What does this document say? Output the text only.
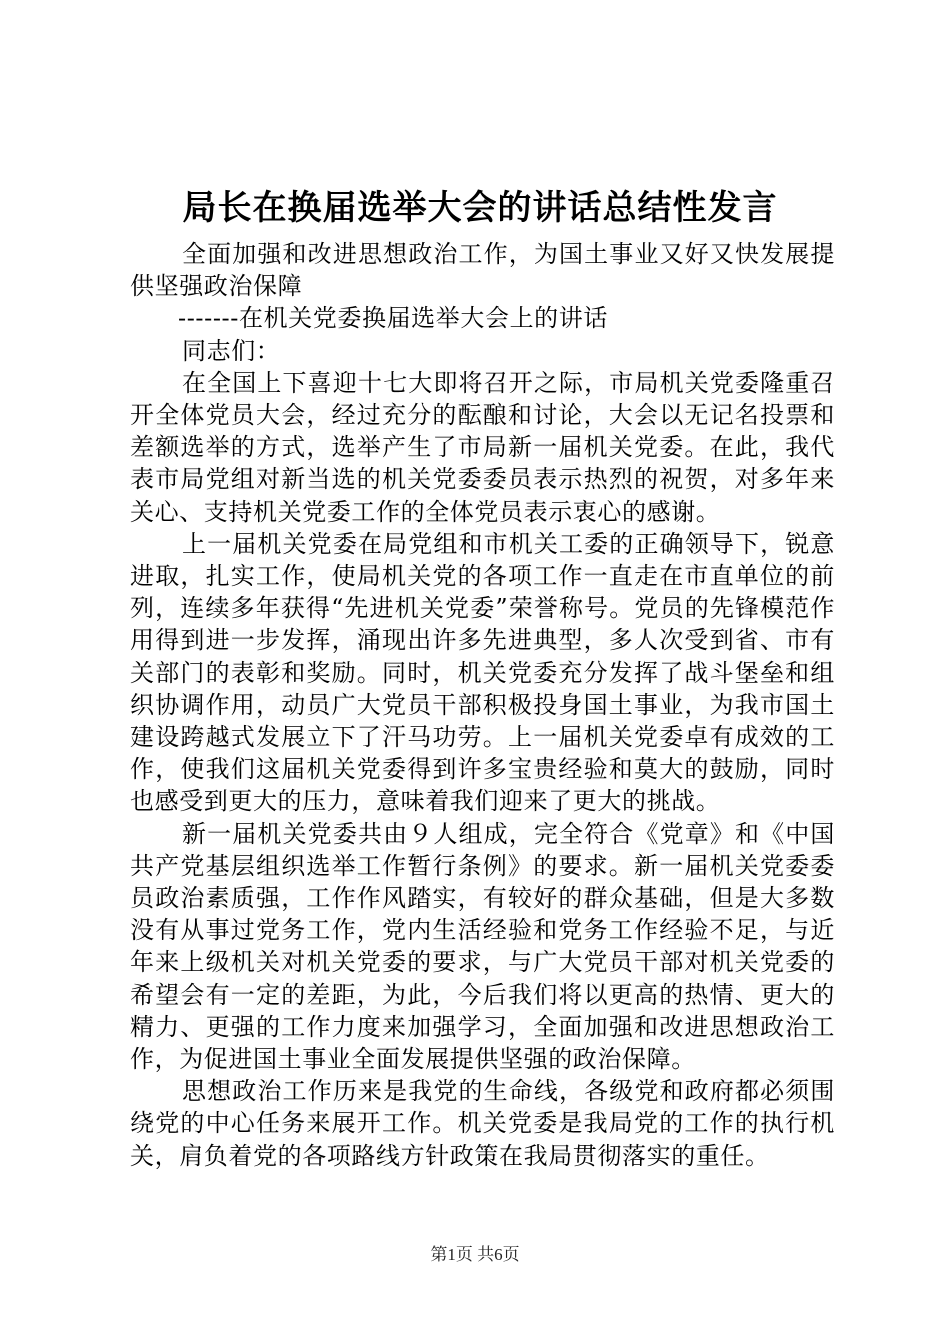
局长在换届选举大会的讲话总结性发言

全面加强和改进思想政治工作，为国土事业又好又快发展提供坚强政治保障

-------在机关党委换届选举大会上的讲话

同志们：

在全国上下喜迎十七大即将召开之际，市局机关党委隆重召开全体党员大会，经过充分的酝酿和讨论，大会以无记名投票和差额选举的方式，选举产生了市局新一届机关党委。在此，我代表市局党组对新当选的机关党委委员表示热烈的祝贺，对多年来关心、支持机关党委工作的全体党员表示衷心的感谢。

上一届机关党委在局党组和市机关工委的正确领导下，锐意进取，扎实工作，使局机关党的各项工作一直走在市直单位的前列，连续多年获得“先进机关党委”荣誉称号。党员的先锋模范作用得到进一步发挥，涌现出许多先进典型，多人次受到省、市有关部门的表彰和奖励。同时，机关党委充分发挥了战斗堡垒和组织协调作用，动员广大党员干部积极投身国土事业，为我市国土建设跨越式发展立下了汗马功劳。上一届机关党委卓有成效的工作，使我们这届机关党委得到许多宝贵经验和莫大的鼓励，同时也感受到更大的压力，意味着我们迎来了更大的挑战。

新一届机关党委共由９人组成，完全符合《党章》和《中国共产党基层组织选举工作暂行条例》的要求。新一届机关党委委员政治素质强，工作作风踏实，有较好的群众基础，但是大多数没有从事过党务工作，党内生活经验和党务工作经验不足，与近年来上级机关对机关党委的要求，与广大党员干部对机关党委的希望会有一定的差距，为此，今后我们将以更高的热情、更大的精力、更强的工作力度来加强学习，全面加强和改进思想政治工作，为促进国土事业全面发展提供坚强的政治保障。

思想政治工作历来是我党的生命线，各级党和政府都必须围绕党的中心任务来展开工作。机关党委是我局党的工作的执行机关，肩负着党的各项路线方针政策在我局贯彻落实的重任。

第1页 共6页
